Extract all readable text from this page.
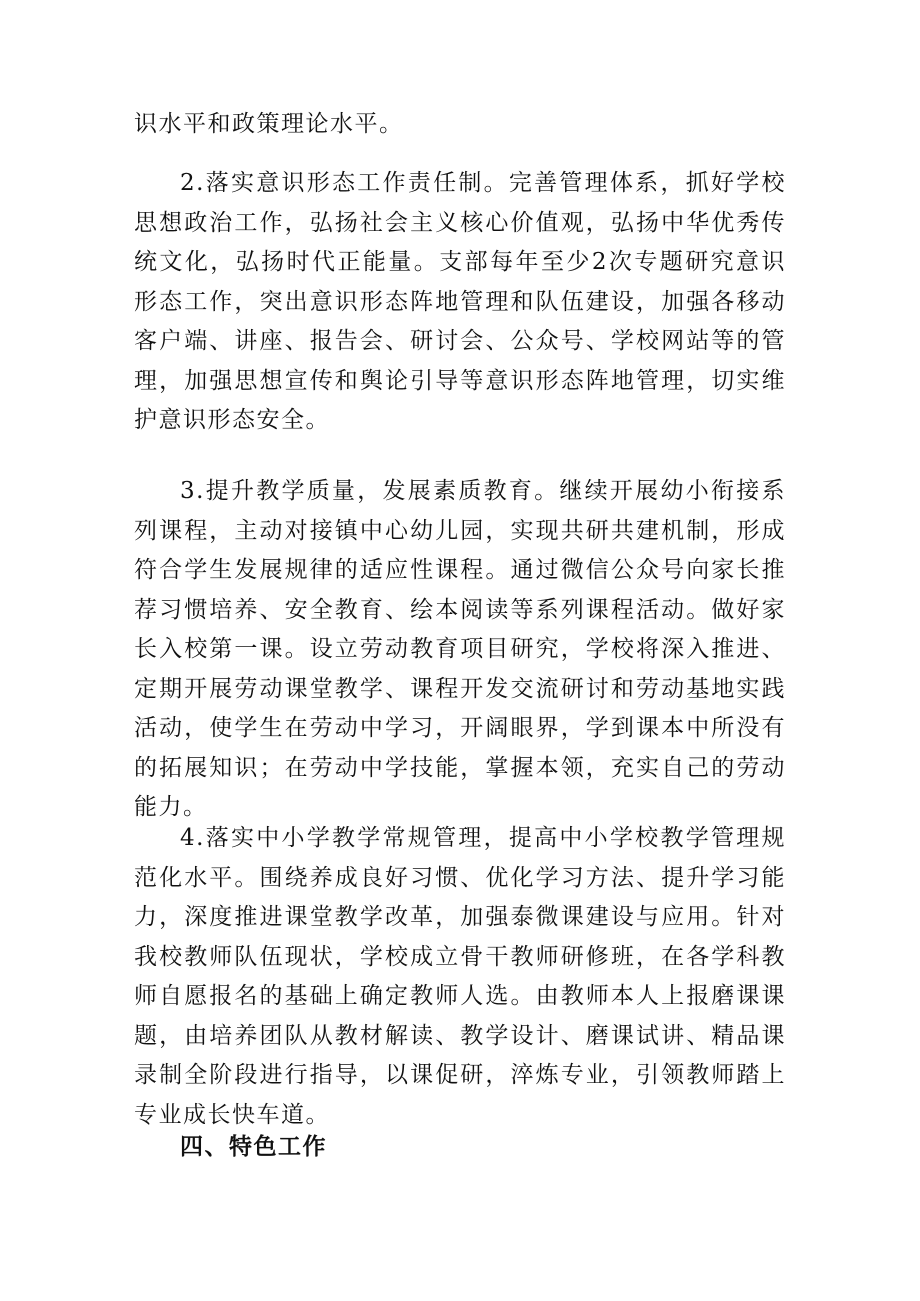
识水平和政策理论水平。

2.落实意识形态工作责任制。完善管理体系，抓好学校思想政治工作，弘扬社会主义核心价值观，弘扬中华优秀传统文化，弘扬时代正能量。支部每年至少2次专题研究意识形态工作，突出意识形态阵地管理和队伍建设，加强各移动客户端、讲座、报告会、研讨会、公众号、学校网站等的管理，加强思想宣传和舆论引导等意识形态阵地管理，切实维护意识形态安全。

3.提升教学质量，发展素质教育。继续开展幼小衔接系列课程，主动对接镇中心幼儿园，实现共研共建机制，形成符合学生发展规律的适应性课程。通过微信公众号向家长推荐习惯培养、安全教育、绘本阅读等系列课程活动。做好家长入校第一课。设立劳动教育项目研究，学校将深入推进、定期开展劳动课堂教学、课程开发交流研讨和劳动基地实践活动，使学生在劳动中学习，开阔眼界，学到课本中所没有的拓展知识；在劳动中学技能，掌握本领，充实自己的劳动能力。

4.落实中小学教学常规管理，提高中小学校教学管理规范化水平。围绕养成良好习惯、优化学习方法、提升学习能力，深度推进课堂教学改革，加强泰微课建设与应用。针对我校教师队伍现状，学校成立骨干教师研修班，在各学科教师自愿报名的基础上确定教师人选。由教师本人上报磨课课题，由培养团队从教材解读、教学设计、磨课试讲、精品课录制全阶段进行指导，以课促研，淬炼专业，引领教师踏上专业成长快车道。

四、特色工作
